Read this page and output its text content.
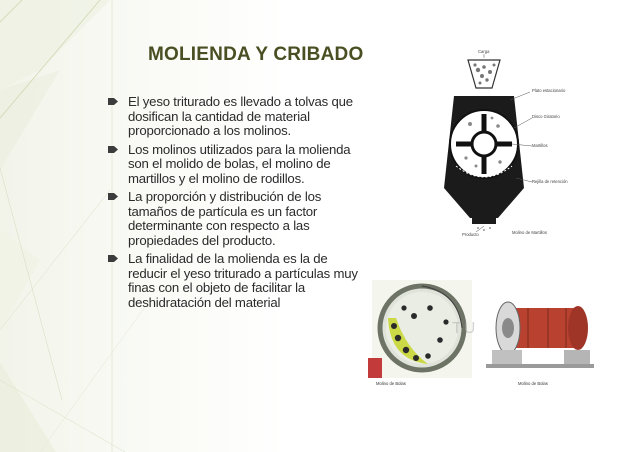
MOLIENDA Y CRIBADO
El yeso triturado es llevado a tolvas que dosifican la cantidad de material proporcionado a los molinos.
Los molinos utilizados para la molienda son el molido de bolas, el molino de martillos y el molino de rodillos.
La proporción y distribución de los tamaños de partícula es un factor determinante con respecto a las propiedades del producto.
La finalidad de la molienda es la de reducir el yeso triturado a partículas muy finas con el objeto de facilitar la deshidratación del material
Carga
Plato estacionario
Disco Giratorio
Martillos
Rejilla de retención
Producto	Molino de Martillos
Molino de Bolas	Molino de Bolas
TU
